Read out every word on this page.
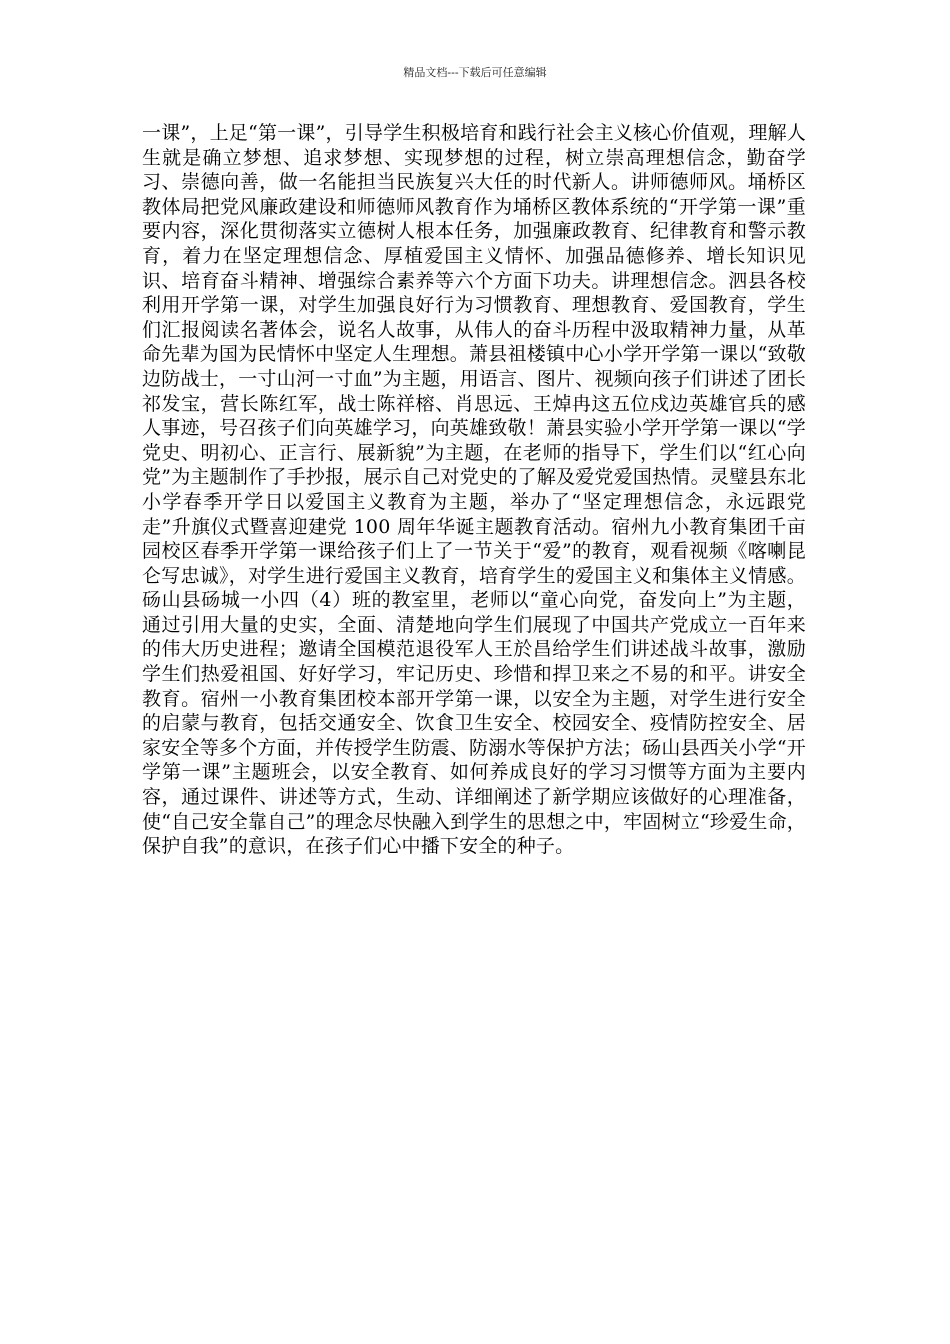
精品文档---下载后可任意编辑

一课”，上足“第一课”，引导学生积极培育和践行社会主义核心价值观，理解人生就是确立梦想、追求梦想、实现梦想的过程，树立崇高理想信念，勤奋学习、崇德向善，做一名能担当民族复兴大任的时代新人。讲师德师风。埇桥区教体局把党风廉政建设和师德师风教育作为埇桥区教体系统的“开学第一课”重要内容，深化贯彻落实立德树人根本任务，加强廉政教育、纪律教育和警示教育，着力在坚定理想信念、厚植爱国主义情怀、加强品德修养、增长知识见识、培育奋斗精神、增强综合素养等六个方面下功夫。讲理想信念。泗县各校利用开学第一课，对学生加强良好行为习惯教育、理想教育、爱国教育，学生们汇报阅读名著体会，说名人故事，从伟人的奋斗历程中汲取精神力量，从革命先辈为国为民情怀中坚定人生理想。萧县祖楼镇中心小学开学第一课以“致敬边防战士，一寸山河一寸血”为主题，用语言、图片、视频向孩子们讲述了团长祁发宝，营长陈红军，战士陈祥榕、肖思远、王焯冉这五位戍边英雄官兵的感人事迹，号召孩子们向英雄学习，向英雄致敬！萧县实验小学开学第一课以“学党史、明初心、正言行、展新貌”为主题，在老师的指导下，学生们以“红心向党”为主题制作了手抄报，展示自己对党史的了解及爱党爱国热情。灵璧县东北小学春季开学日以爱国主义教育为主题，举办了“坚定理想信念，永远跟党走”升旗仪式暨喜迎建党 100 周年华诞主题教育活动。宿州九小教育集团千亩园校区春季开学第一课给孩子们上了一节关于“爱”的教育，观看视频《喀喇昆仑写忠诚》，对学生进行爱国主义教育，培育学生的爱国主义和集体主义情感。砀山县砀城一小四（4）班的教室里，老师以“童心向党，奋发向上”为主题，通过引用大量的史实，全面、清楚地向学生们展现了中国共产党成立一百年来的伟大历史进程；邀请全国模范退役军人王於昌给学生们讲述战斗故事，激励学生们热爱祖国、好好学习，牢记历史、珍惜和捍卫来之不易的和平。讲安全教育。宿州一小教育集团校本部开学第一课，以安全为主题，对学生进行安全的启蒙与教育，包括交通安全、饮食卫生安全、校园安全、疫情防控安全、居家安全等多个方面，并传授学生防震、防溺水等保护方法；砀山县西关小学“开学第一课”主题班会，以安全教育、如何养成良好的学习习惯等方面为主要内容，通过课件、讲述等方式，生动、详细阐述了新学期应该做好的心理准备，使“自己安全靠自己”的理念尽快融入到学生的思想之中，牢固树立“珍爱生命，保护自我”的意识，在孩子们心中播下安全的种子。
